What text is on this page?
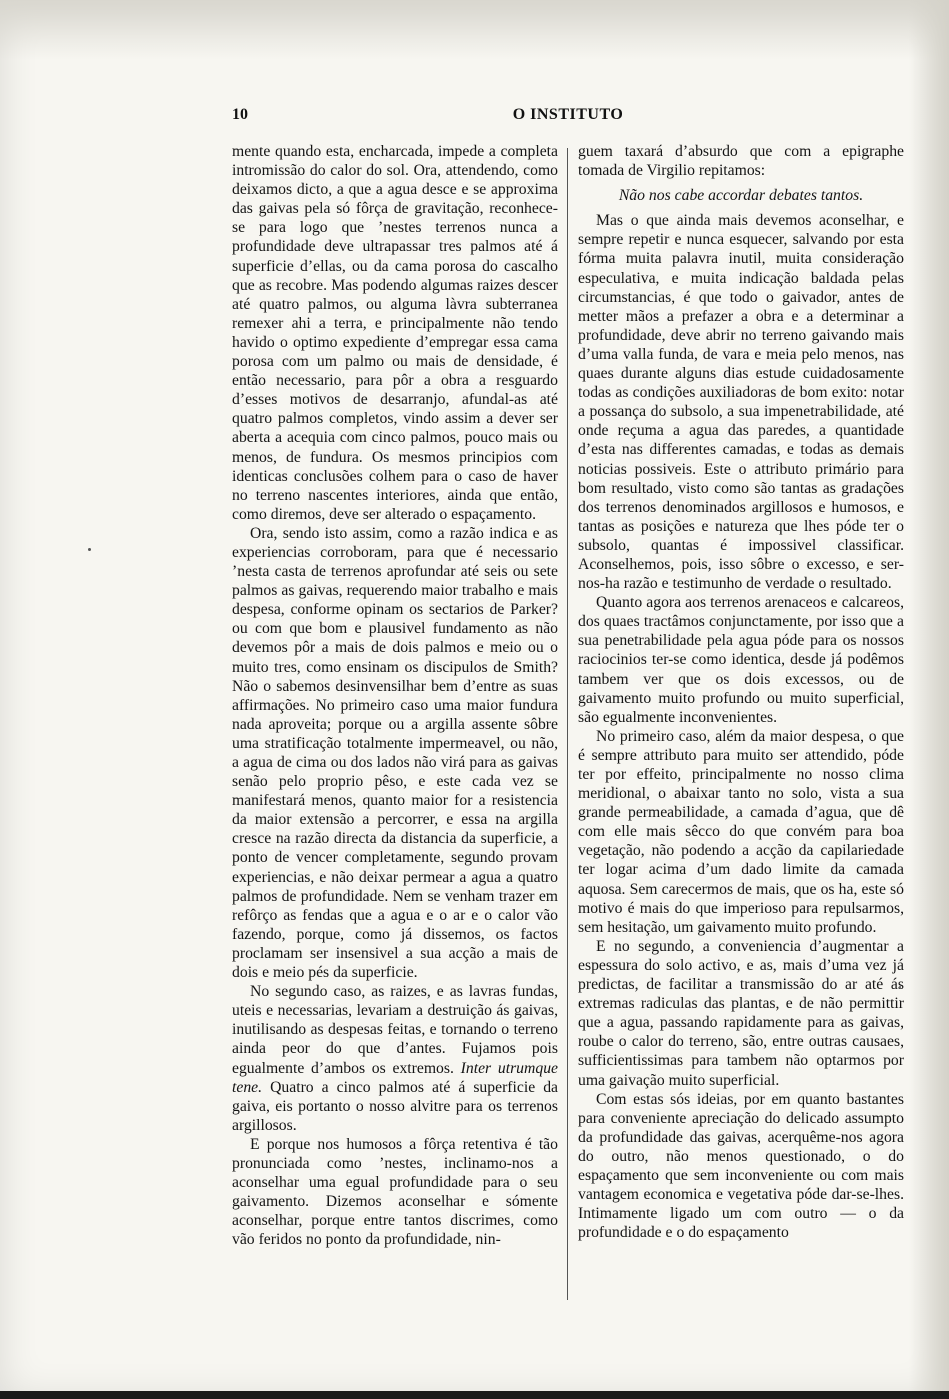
10	O INSTITUTO

mente quando esta, encharcada, impede a completa intromissão do calor do sol. Ora, attendendo, como deixamos dicto, a que a agua desce e se approxima das gaivas pela só fôrça de gravitação, reconhece-se para logo que ’nestes terrenos nunca a profundidade deve ultrapassar tres palmos até á superficie d’ellas, ou da cama porosa do cascalho que as recobre. Mas podendo algumas raizes descer até quatro palmos, ou alguma làvra subterranea remexer ahi a terra, e principalmente não tendo havido o optimo expediente d’empregar essa cama porosa com um palmo ou mais de densidade, é então necessario, para pôr a obra a resguardo d’esses motivos de desarranjo, afundal-as até quatro palmos completos, vindo assim a dever ser aberta a acequia com cinco palmos, pouco mais ou menos, de fundura. Os mesmos principios com identicas conclusões colhem para o caso de haver no terreno nascentes interiores, ainda que então, como diremos, deve ser alterado o espaçamento.

Ora, sendo isto assim, como a razão indica e as experiencias corroboram, para que é necessario ’nesta casta de terrenos aprofundar até seis ou sete palmos as gaivas, requerendo maior trabalho e mais despesa, conforme opinam os sectarios de Parker? ou com que bom e plausivel fundamento as não devemos pôr a mais de dois palmos e meio ou o muito tres, como ensinam os discipulos de Smith? Não o sabemos desinvensilhar bem d’entre as suas affirmações. No primeiro caso uma maior fundura nada aproveita; porque ou a argilla assente sôbre uma stratificação totalmente impermeavel, ou não, a agua de cima ou dos lados não virá para as gaivas senão pelo proprio pêso, e este cada vez se manifestará menos, quanto maior for a resistencia da maior extensão a percorrer, e essa na argilla cresce na razão directa da distancia da superficie, a ponto de vencer completamente, segundo provam experiencias, e não deixar permear a agua a quatro palmos de profundidade. Nem se venham trazer em refôrço as fendas que a agua e o ar e o calor vão fazendo, porque, como já dissemos, os factos proclamam ser insensivel a sua acção a mais de dois e meio pés da superficie.

No segundo caso, as raizes, e as lavras fundas, uteis e necessarias, levariam a destruição ás gaivas, inutilisando as despesas feitas, e tornando o terreno ainda peor do que d’antes. Fujamos pois egualmente d’ambos os extremos. Inter utrumque tene. Quatro a cinco palmos até á superficie da gaiva, eis portanto o nosso alvitre para os terrenos argillosos.

E porque nos humosos a fôrça retentiva é tão pronunciada como ’nestes, inclinamo-nos a aconselhar uma egual profundidade para o seu gaivamento. Dizemos aconselhar e sómente aconselhar, porque entre tantos discrimes, como vão feridos no ponto da profundidade, nin-

guem taxará d’absurdo que com a epigraphe tomada de Virgilio repitamos:

Não nos cabe accordar debates tantos.

Mas o que ainda mais devemos aconselhar, e sempre repetir e nunca esquecer, salvando por esta fórma muita palavra inutil, muita consideração especulativa, e muita indicação baldada pelas circumstancias, é que todo o gaivador, antes de metter mãos a prefazer a obra e a determinar a profundidade, deve abrir no terreno gaivando mais d’uma valla funda, de vara e meia pelo menos, nas quaes durante alguns dias estude cuidadosamente todas as condições auxiliadoras de bom exito: notar a possança do subsolo, a sua impenetrabilidade, até onde reçuma a agua das paredes, a quantidade d’esta nas differentes camadas, e todas as demais noticias possiveis. Este o attributo primário para bom resultado, visto como são tantas as gradações dos terrenos denominados argillosos e humosos, e tantas as posições e natureza que lhes póde ter o subsolo, quantas é impossivel classificar. Aconselhemos, pois, isso sôbre o excesso, e ser-nos-ha razão e testimunho de verdade o resultado.

Quanto agora aos terrenos arenaceos e calcareos, dos quaes tractâmos conjunctamente, por isso que a sua penetrabilidade pela agua póde para os nossos raciocinios ter-se como identica, desde já podêmos tambem ver que os dois excessos, ou de gaivamento muito profundo ou muito superficial, são egualmente inconvenientes.

No primeiro caso, além da maior despesa, o que é sempre attributo para muito ser attendido, póde ter por effeito, principalmente no nosso clima meridional, o abaixar tanto no solo, vista a sua grande permeabilidade, a camada d’agua, que dê com elle mais sêcco do que convém para boa vegetação, não podendo a acção da capilariedade ter logar acima d’um dado limite da camada aquosa. Sem carecermos de mais, que os ha, este só motivo é mais do que imperioso para repulsarmos, sem hesitação, um gaivamento muito profundo.

E no segundo, a conveniencia d’augmentar a espessura do solo activo, e as, mais d’uma vez já predictas, de facilitar a transmissão do ar até ás extremas radiculas das plantas, e de não permittir que a agua, passando rapidamente para as gaivas, roube o calor do terreno, são, entre outras causaes, sufficientissimas para tambem não optarmos por uma gaivação muito superficial.

Com estas sós ideias, por em quanto bastantes para conveniente apreciação do delicado assumpto da profundidade das gaivas, acerquême-nos agora do outro, não menos questionado, o do espaçamento que sem inconveniente ou com mais vantagem economica e vegetativa póde dar-se-lhes. Intimamente ligado um com outro — o da profundidade e o do espaçamento
